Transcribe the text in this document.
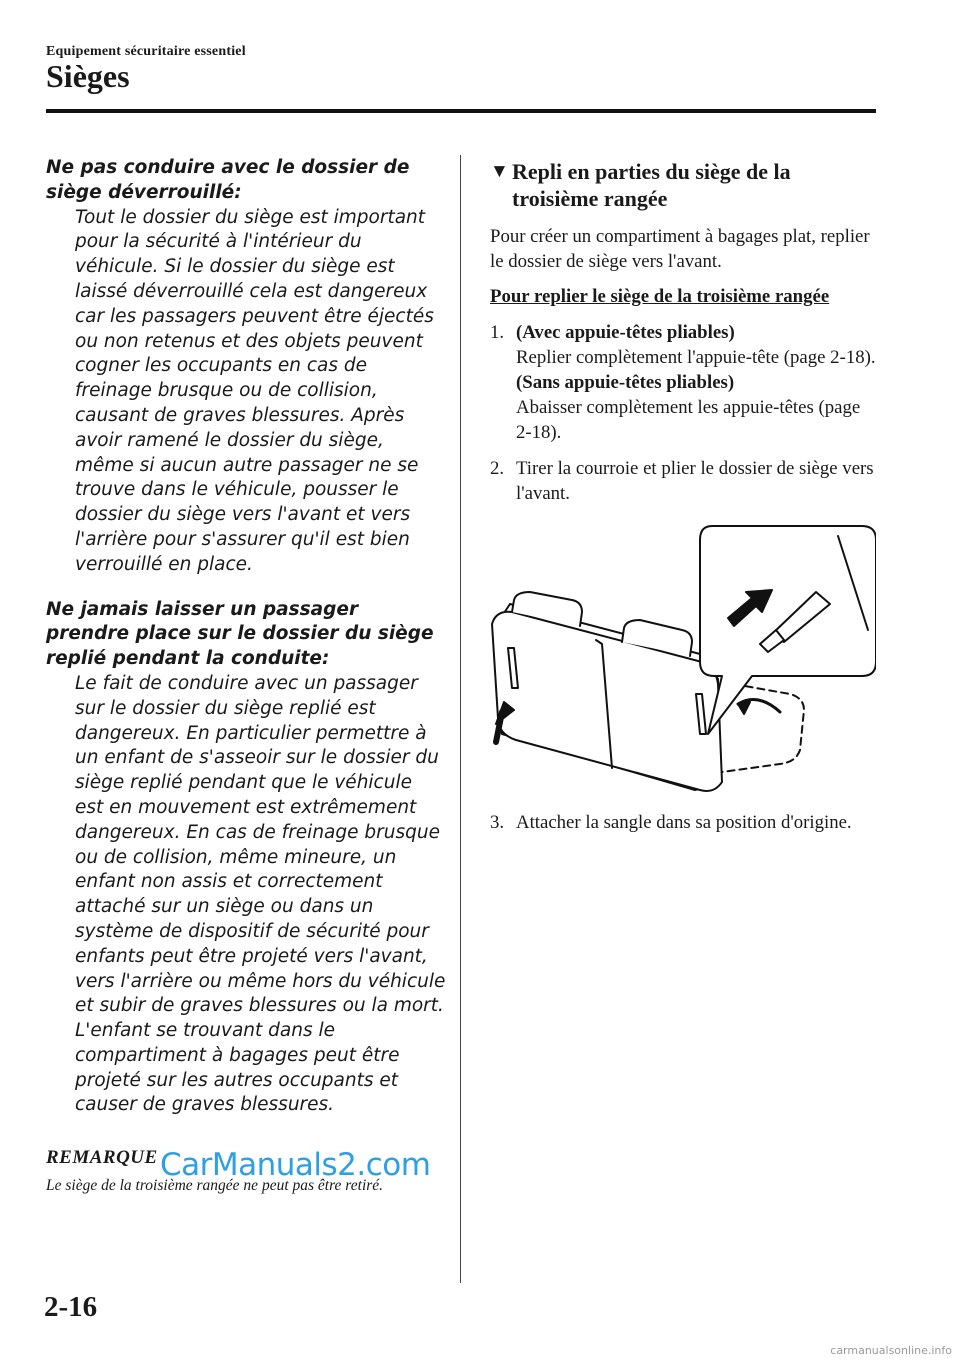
Equipement sécuritaire essentiel
Sièges

Ne pas conduire avec le dossier de siège déverrouillé:

Tout le dossier du siège est important pour la sécurité à l'intérieur du véhicule. Si le dossier du siège est laissé déverrouillé cela est dangereux car les passagers peuvent être éjectés ou non retenus et des objets peuvent cogner les occupants en cas de freinage brusque ou de collision, causant de graves blessures. Après avoir ramené le dossier du siège, même si aucun autre passager ne se trouve dans le véhicule, pousser le dossier du siège vers l'avant et vers l'arrière pour s'assurer qu'il est bien verrouillé en place.

Ne jamais laisser un passager prendre place sur le dossier du siège replié pendant la conduite:

Le fait de conduire avec un passager sur le dossier du siège replié est dangereux. En particulier permettre à un enfant de s'asseoir sur le dossier du siège replié pendant que le véhicule est en mouvement est extrêmement dangereux. En cas de freinage brusque ou de collision, même mineure, un enfant non assis et correctement attaché sur un siège ou dans un système de dispositif de sécurité pour enfants peut être projeté vers l'avant, vers l'arrière ou même hors du véhicule et subir de graves blessures ou la mort. L'enfant se trouvant dans le compartiment à bagages peut être projeté sur les autres occupants et causer de graves blessures.

REMARQUE
Le siège de la troisième rangée ne peut pas être retiré.
▼ Repli en parties du siège de la troisième rangée

Pour créer un compartiment à bagages plat, replier le dossier de siège vers l'avant.

Pour replier le siège de la troisième rangée
1. (Avec appuie-têtes pliables)
Replier complètement l'appuie-tête (page 2-18).
(Sans appuie-têtes pliables)
Abaisser complètement les appuie-têtes (page 2-18).
2. Tirer la courroie et plier le dossier de siège vers l'avant.
3. Attacher la sangle dans sa position d'origine.
2-16
CarManuals2.com
carmanualsonline.info
